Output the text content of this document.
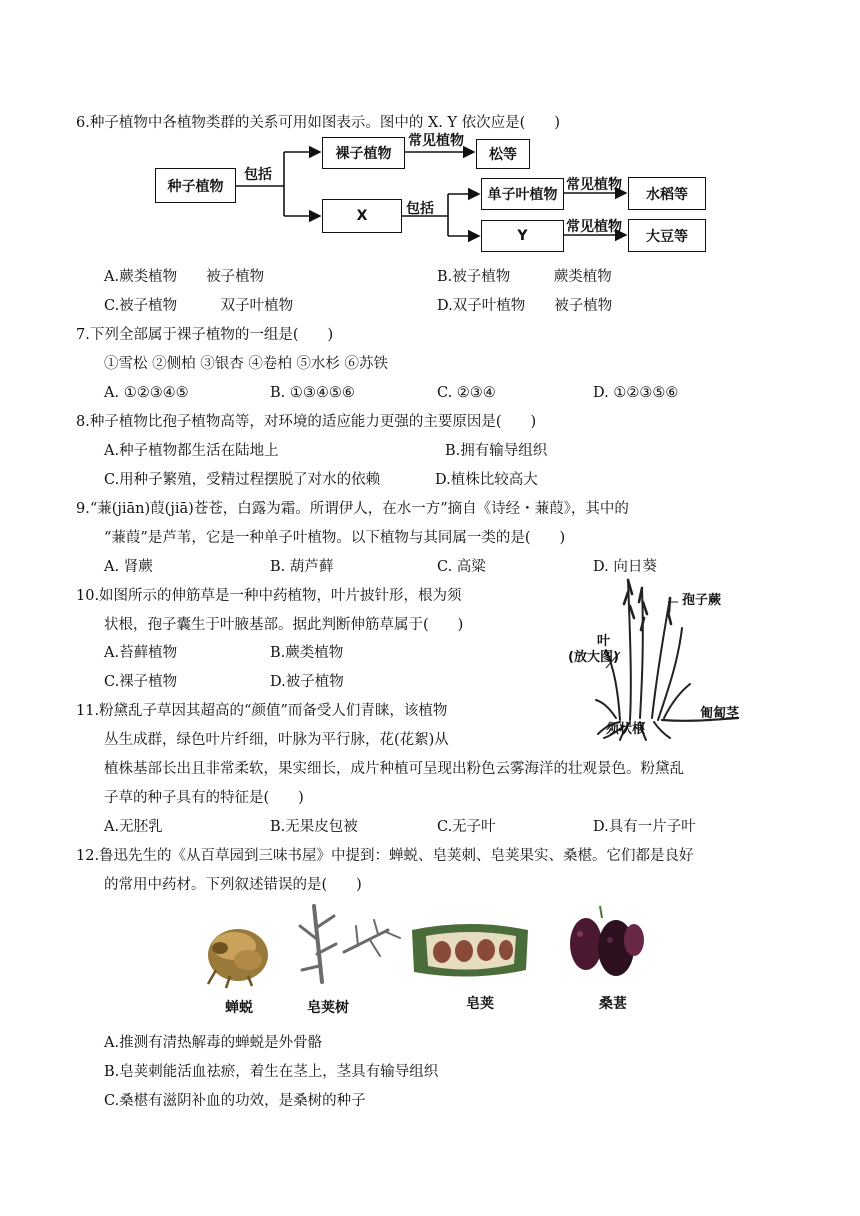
6.种子植物中各植物类群的关系可用如图表示。图中的 X. Y 依次应是(　　)
种子植物
包括
裸子植物
常见植物
松等
X	包括
单子叶植物
常见植物
水稻等
Y
常见植物
大豆等
A.蕨类植物　　被子植物	B.被子植物　　　蕨类植物
C.被子植物　　　双子叶植物	D.双子叶植物　　被子植物
7.下列全部属于裸子植物的一组是(　　)
①雪松 ②侧柏 ③银杏 ④卷柏 ⑤水杉 ⑥苏铁
A. ①②③④⑤	B. ①③④⑤⑥	C. ②③④	D. ①②③⑤⑥
8.种子植物比孢子植物高等，对环境的适应能力更强的主要原因是(　　)
A.种子植物都生活在陆地上	B.拥有输导组织
C.用种子繁殖，受精过程摆脱了对水的依赖	D.植株比较高大
9.“蒹(jiān)葭(jiā)苍苍，白露为霜。所谓伊人，在水一方”摘自《诗经・蒹葭》，其中的
“蒹葭”是芦苇，它是一种单子叶植物。以下植物与其同属一类的是(　　)
A. 肾蕨	B. 葫芦藓	C. 高粱	D. 向日葵
10.如图所示的伸筋草是一种中药植物，叶片披针形，根为须
状根，孢子囊生于叶腋基部。据此判断伸筋草属于(　　)
A.苔藓植物	B.蕨类植物
C.裸子植物	D.被子植物
孢子蕨
叶
(放大图)
匍匐茎
须状根
11.粉黛乱子草因其超高的“颜值”而备受人们青睐，该植物
丛生成群，绿色叶片纤细，叶脉为平行脉，花(花絮)从
植株基部长出且非常柔软，果实细长，成片种植可呈现出粉色云雾海洋的壮观景色。粉黛乱
子草的种子具有的特征是(　　)
A.无胚乳	B.无果皮包被	C.无子叶	D.具有一片子叶
12.鲁迅先生的《从百草园到三味书屋》中提到：蝉蜕、皂荚刺、皂荚果实、桑椹。它们都是良好
的常用中药材。下列叙述错误的是(　　)
蝉蜕	皂荚树	皂荚	桑葚
A.推测有清热解毒的蝉蜕是外骨骼
B.皂荚刺能活血祛瘀，着生在茎上，茎具有输导组织
C.桑椹有滋阴补血的功效，是桑树的种子
